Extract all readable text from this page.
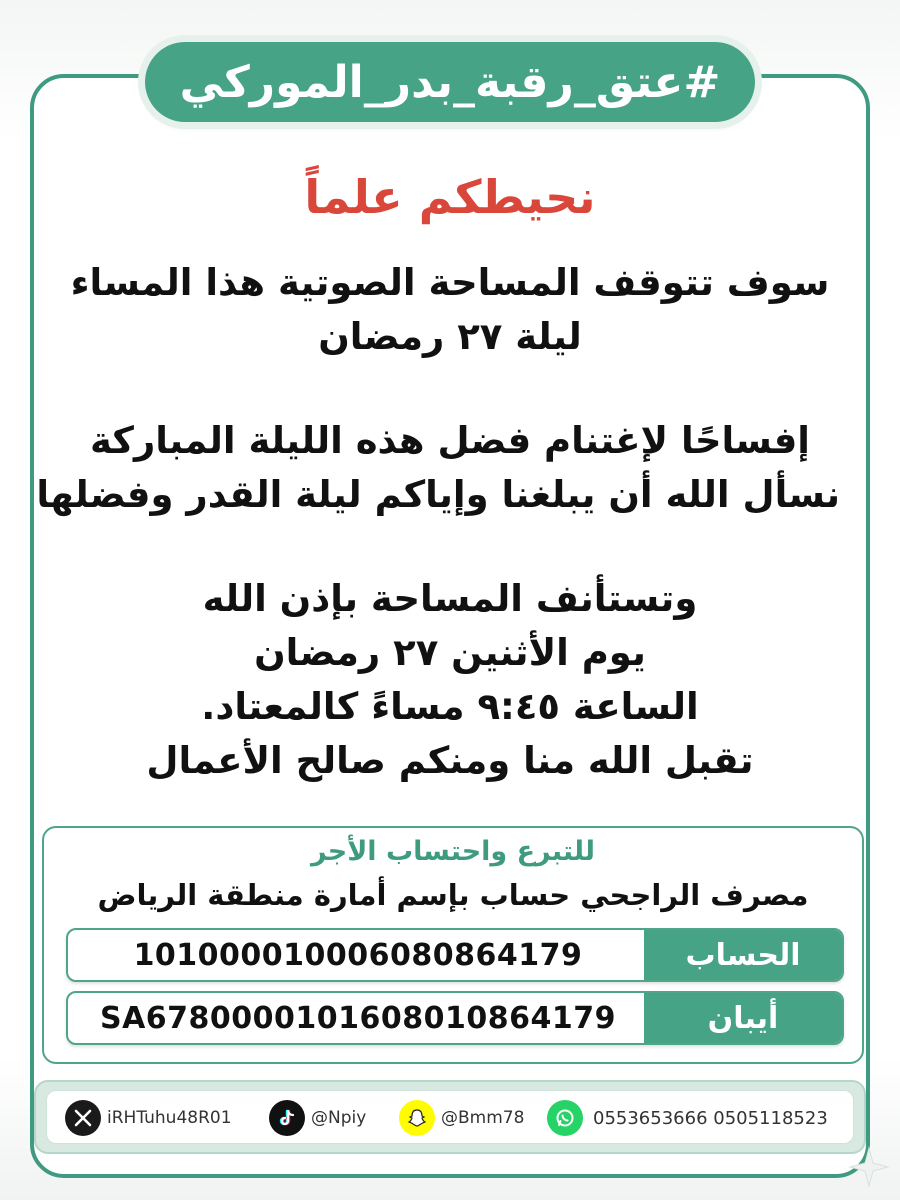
#عتق_رقبة_بدر_الموركي
نحيطكم علماً
سوف تتوقف المساحة الصوتية هذا المساء
ليلة ٢٧ رمضان
إفساحًا لإغتنام فضل هذه الليلة المباركة
نسأل الله أن يبلغنا وإياكم ليلة القدر وفضلها
وتستأنف المساحة بإذن الله
يوم الأثنين ٢٧ رمضان
الساعة ٩:٤٥ مساءً كالمعتاد.
تقبل الله منا ومنكم صالح الأعمال
للتبرع واحتساب الأجر
مصرف الراجحي حساب بإسم أمارة منطقة الرياض
الحساب
101000010006080864179
أيبان
SA6780000101608010864179
iRHTuhu48R01	@Npiy	@Bmm78	0553653666 0505118523
